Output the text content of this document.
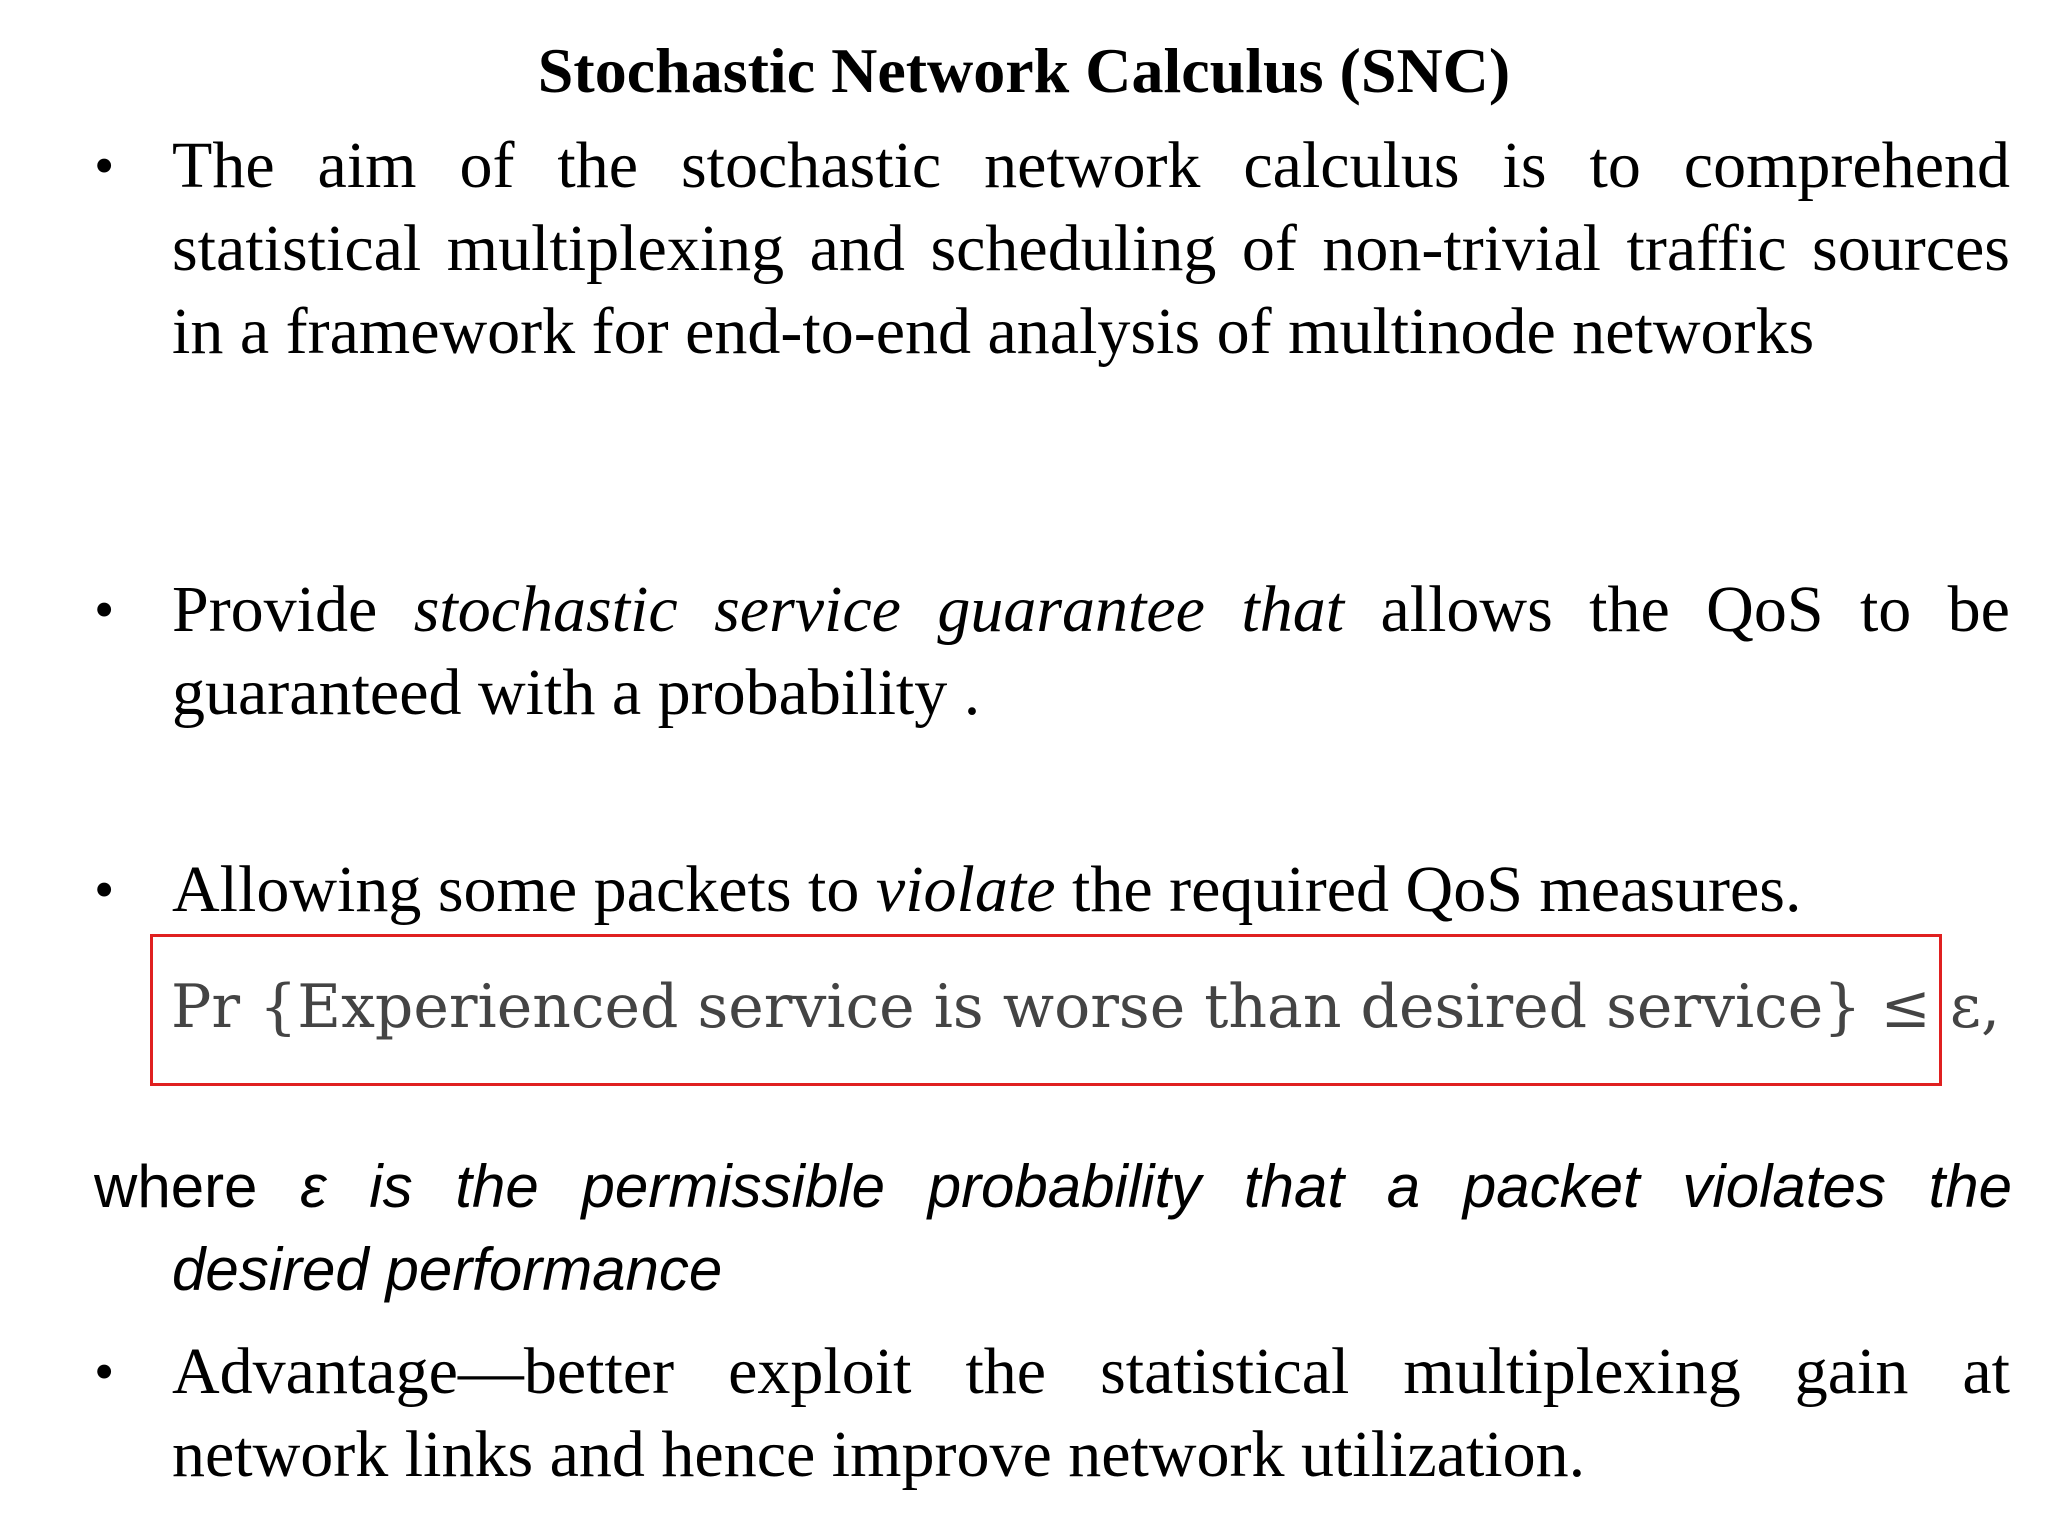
Stochastic Network Calculus (SNC)
• The aim of the stochastic network calculus is to comprehend statistical multiplexing and scheduling of non-trivial traffic sources in a framework for end-to-end analysis of multinode networks
• Provide stochastic service guarantee that allows the QoS to be guaranteed with a probability .
• Allowing some packets to violate the required QoS measures.
Pr {Experienced service is worse than desired service} ≤ ε,
where ε is the permissible probability that a packet violates the
desired performance
• Advantage—better exploit the statistical multiplexing gain at network links and hence improve network utilization.
